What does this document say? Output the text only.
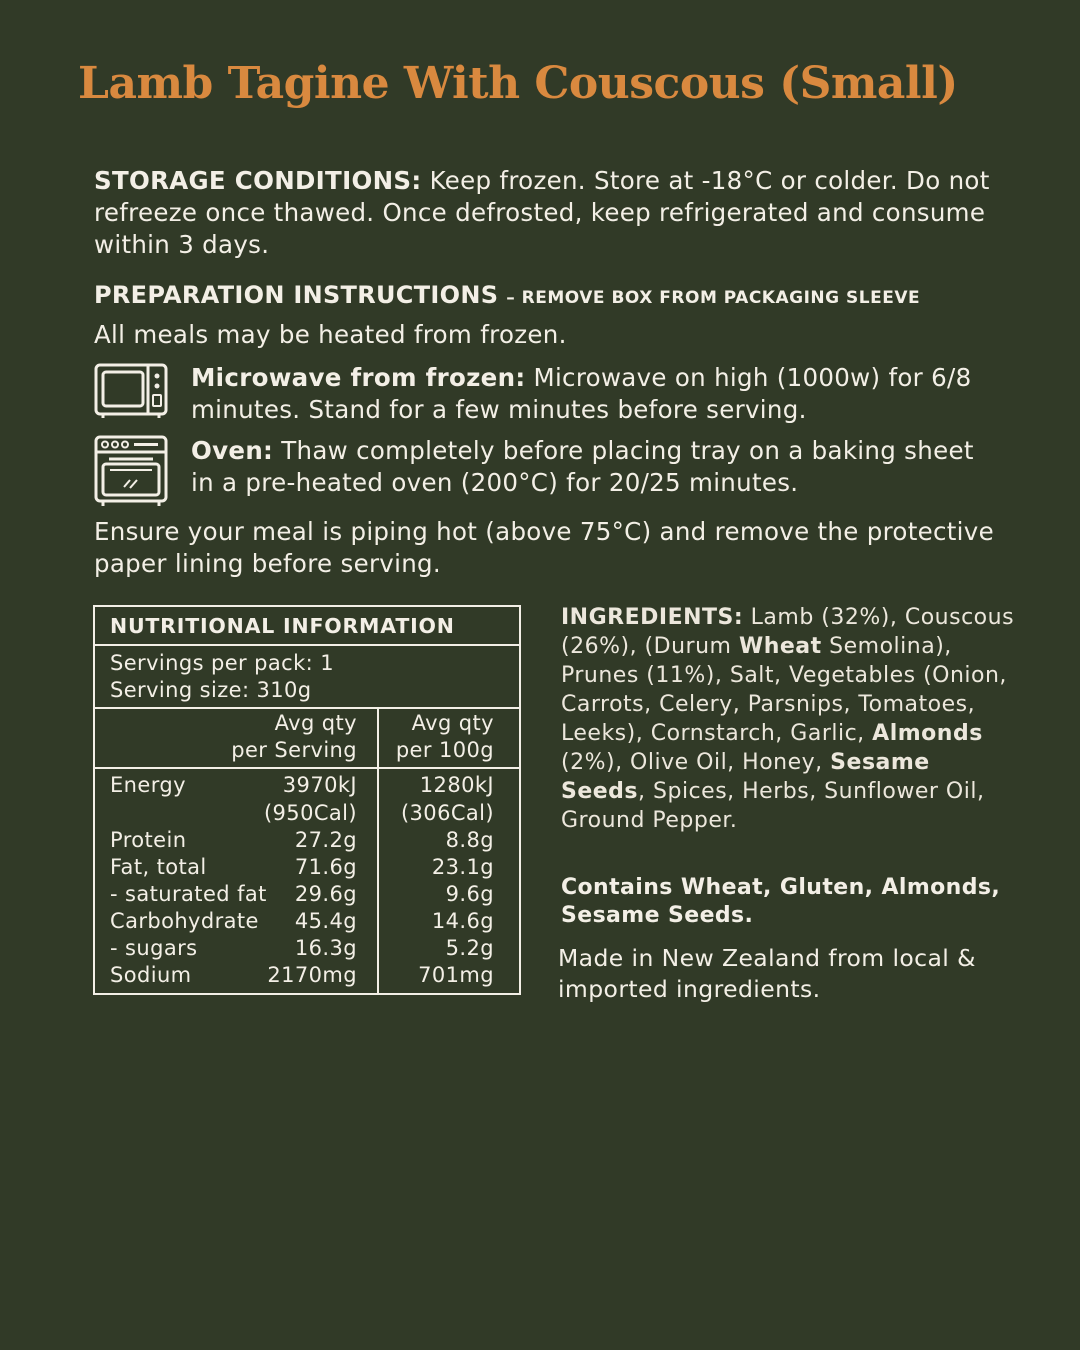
Lamb Tagine With Couscous (Small)
STORAGE CONDITIONS: Keep frozen. Store at -18°C or colder. Do not refreeze once thawed. Once defrosted, keep refrigerated and consume within 3 days.
PREPARATION INSTRUCTIONS – REMOVE BOX FROM PACKAGING SLEEVE
All meals may be heated from frozen.
Microwave from frozen: Microwave on high (1000w) for 6/8 minutes. Stand for a few minutes before serving.
Oven: Thaw completely before placing tray on a baking sheet in a pre-heated oven (200°C) for 20/25 minutes.
Ensure your meal is piping hot (above 75°C) and remove the protective paper lining before serving.
NUTRITIONAL INFORMATION
Servings per pack: 1
Serving size: 310g
Avg qty
per Serving
Avg qty
per 100g
Energy	3970kJ	1280kJ
(950Cal) (306Cal)
Protein	27.2g	8.8g
Fat, total	71.6g	23.1g
- saturated fat 29.6g	9.6g
Carbohydrate 45.4g	14.6g
- sugars	16.3g	5.2g
Sodium	2170mg	701mg
INGREDIENTS: Lamb (32%), Couscous (26%), (Durum Wheat Semolina), Prunes (11%), Salt, Vegetables (Onion, Carrots, Celery, Parsnips, Tomatoes, Leeks), Cornstarch, Garlic, Almonds (2%), Olive Oil, Honey, Sesame Seeds, Spices, Herbs, Sunflower Oil, Ground Pepper.
Contains Wheat, Gluten, Almonds, Sesame Seeds.
Made in New Zealand from local & imported ingredients.
